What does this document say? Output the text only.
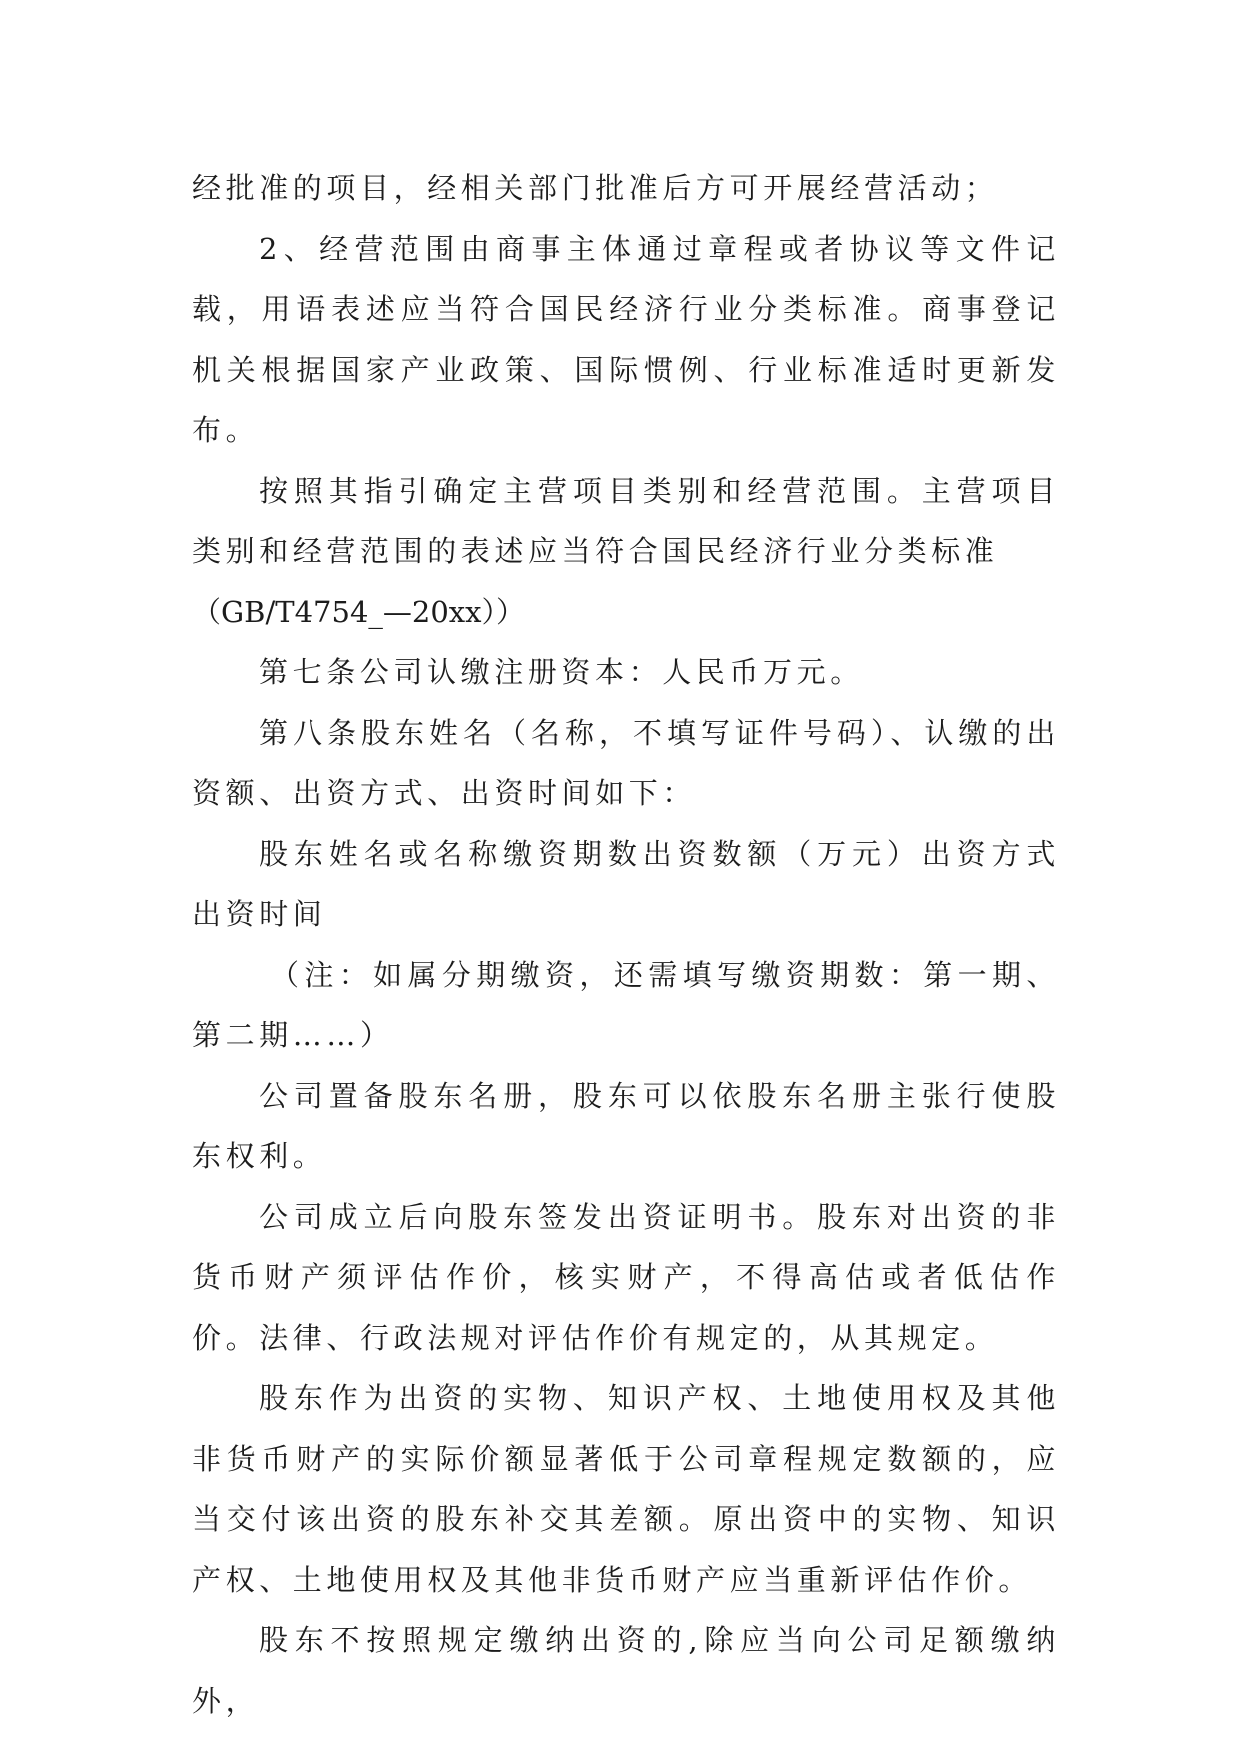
经批准的项目，经相关部门批准后方可开展经营活动；

2、经营范围由商事主体通过章程或者协议等文件记载，用语表述应当符合国民经济行业分类标准。商事登记机关根据国家产业政策、国际惯例、行业标准适时更新发布。

按照其指引确定主营项目类别和经营范围。主营项目类别和经营范围的表述应当符合国民经济行业分类标准

（GB/T4754_—20xx））

第七条公司认缴注册资本：人民币万元。

第八条股东姓名（名称，不填写证件号码）、认缴的出资额、出资方式、出资时间如下：

股东姓名或名称缴资期数出资数额（万元）出资方式出资时间

（注：如属分期缴资，还需填写缴资期数：第一期、第二期……）

公司置备股东名册，股东可以依股东名册主张行使股东权利。

公司成立后向股东签发出资证明书。股东对出资的非货币财产须评估作价，核实财产，不得高估或者低估作价。法律、行政法规对评估作价有规定的，从其规定。

股东作为出资的实物、知识产权、土地使用权及其他非货币财产的实际价额显著低于公司章程规定数额的，应当交付该出资的股东补交其差额。原出资中的实物、知识产权、土地使用权及其他非货币财产应当重新评估作价。

股东不按照规定缴纳出资的,除应当向公司足额缴纳外，
